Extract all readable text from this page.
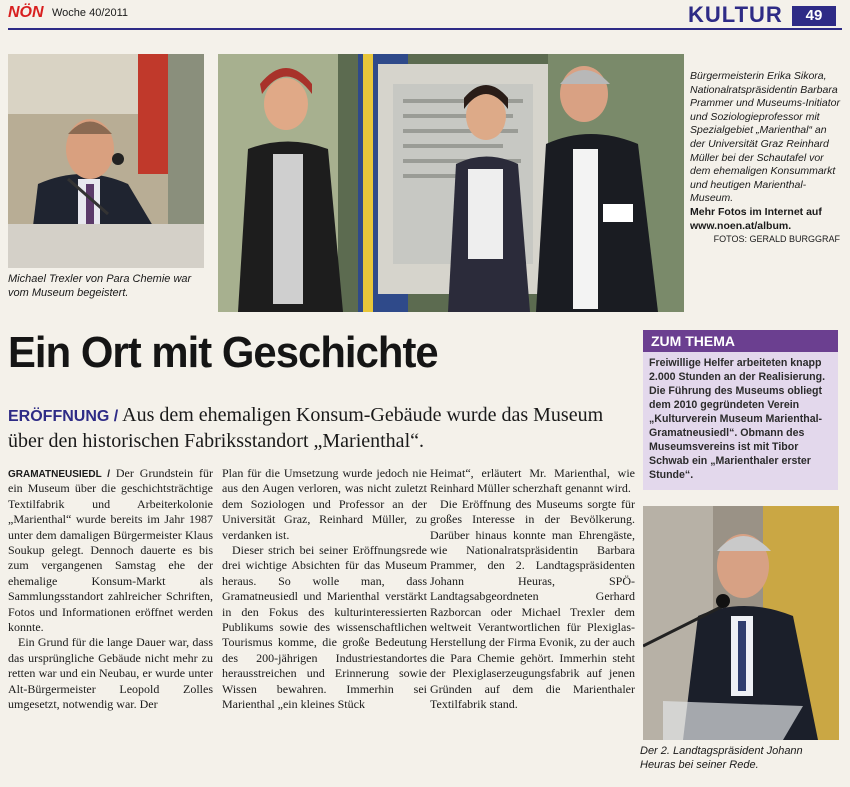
NÖN Woche 40/2011	KULTUR	49
Michael Trexler von Para Chemie war vom Museum begeistert.
Bürgermeisterin Erika Sikora, Nationalratspräsidentin Barbara Prammer und Museums-Initiator und Soziologieprofessor mit Spezialgebiet „Marienthal“ an der Universität Graz Reinhard Müller bei der Schautafel vor dem ehemaligen Konsummarkt und heutigen Marienthal-Museum.
Mehr Fotos im Internet auf www.noen.at/album.
FOTOS: GERALD BURGGRAF
Ein Ort mit Geschichte
ERÖFFNUNG / Aus dem ehemaligen Konsum-Gebäude wurde das Museum über den historischen Fabriksstandort „Marienthal“.
ZUM THEMA
Freiwillige Helfer arbeiteten knapp 2.000 Stunden an der Realisierung. Die Führung des Museums obliegt dem 2010 gegründeten Verein „Kulturverein Museum Marienthal-Gramatneusiedl“. Obmann des Museumsvereins ist mit Tibor Schwab ein „Marienthaler erster Stunde“.

GRAMATNEUSIEDL / Der Grundstein für ein Museum über die geschichtsträchtige Textilfabrik und Arbeiterkolonie „Marienthal“ wurde bereits im Jahr 1987 unter dem damaligen Bürgermeister Klaus Soukup gelegt. Dennoch dauerte es bis zum vergangenen Samstag ehe der ehemalige Konsum-Markt als Sammlungsstandort zahlreicher Schriften, Fotos und Informationen eröffnet werden konnte.

Ein Grund für die lange Dauer war, dass das ursprüngliche Gebäude nicht mehr zu retten war und ein Neubau, er wurde unter Alt-Bürgermeister Leopold Zolles umgesetzt, notwendig war. Der

Plan für die Umsetzung wurde jedoch nie aus den Augen verloren, was nicht zuletzt dem Soziologen und Professor an der Universität Graz, Reinhard Müller, zu verdanken ist.

Dieser strich bei seiner Eröffnungsrede drei wichtige Absichten für das Museum heraus. So wolle man, dass Gramatneusiedl und Marienthal verstärkt in den Fokus des kulturinteressierten Publikums sowie des wissenschaftlichen Tourismus komme, die große Bedeutung des 200-jährigen Industriestandortes herausstreichen und Erinnerung sowie Wissen bewahren. Immerhin sei Marienthal „ein kleines Stück

Heimat“, erläutert Mr. Marienthal, wie Reinhard Müller scherzhaft genannt wird.

Die Eröffnung des Museums sorgte für großes Interesse in der Bevölkerung. Darüber hinaus konnte man Ehrengäste, wie Nationalratspräsidentin Barbara Prammer, den 2. Landtagspräsidenten Johann Heuras, SPÖ-Landtagsabgeordneten Gerhard Razborcan oder Michael Trexler dem weltweit Verantwortlichen für Plexiglas-Herstellung der Firma Evonik, zu der auch die Para Chemie gehört. Immerhin steht der Plexiglaserzeugungsfabrik auf jenen Gründen auf dem die Marienthaler Textilfabrik stand.

Der 2. Landtagspräsident Johann Heuras bei seiner Rede.
